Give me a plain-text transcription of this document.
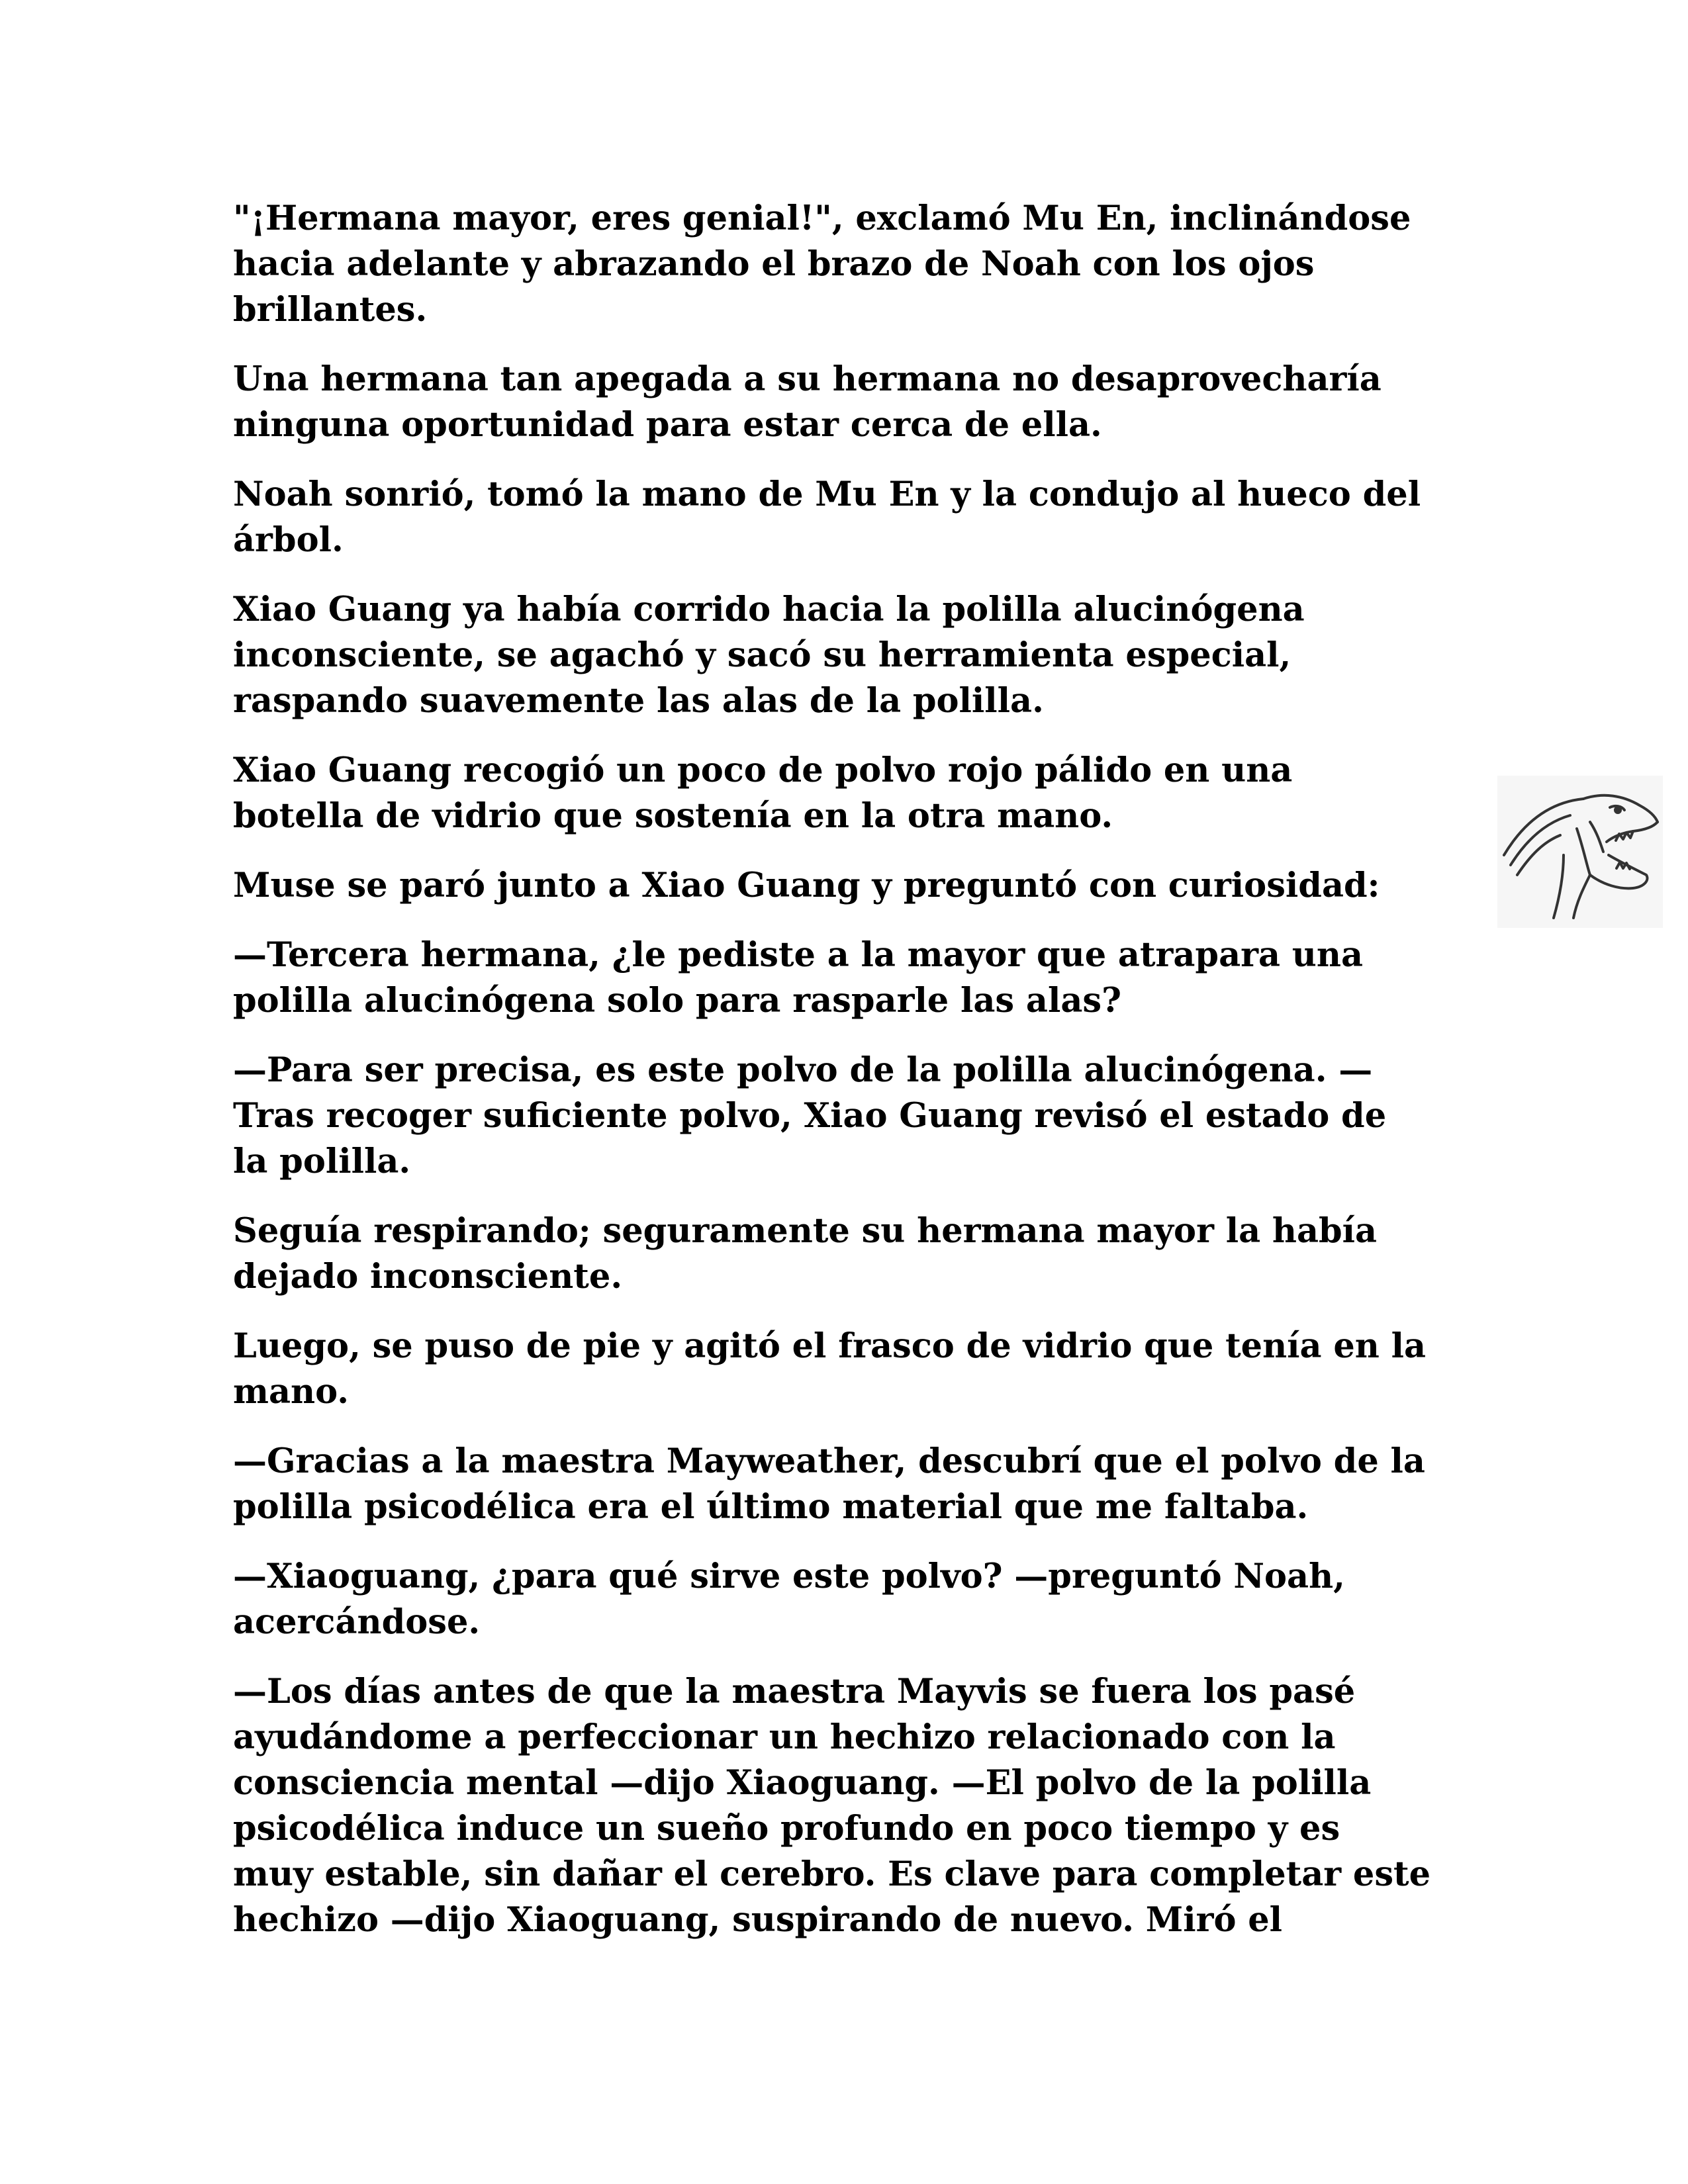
"¡Hermana mayor, eres genial!", exclamó Mu En, inclinándose
hacia adelante y abrazando el brazo de Noah con los ojos
brillantes.

Una hermana tan apegada a su hermana no desaprovecharía
ninguna oportunidad para estar cerca de ella.

Noah sonrió, tomó la mano de Mu En y la condujo al hueco del
árbol.

Xiao Guang ya había corrido hacia la polilla alucinógena
inconsciente, se agachó y sacó su herramienta especial,
raspando suavemente las alas de la polilla.

Xiao Guang recogió un poco de polvo rojo pálido en una
botella de vidrio que sostenía en la otra mano.

Muse se paró junto a Xiao Guang y preguntó con curiosidad:

—Tercera hermana, ¿le pediste a la mayor que atrapara una
polilla alucinógena solo para rasparle las alas?

—Para ser precisa, es este polvo de la polilla alucinógena. —
Tras recoger suficiente polvo, Xiao Guang revisó el estado de
la polilla.

Seguía respirando; seguramente su hermana mayor la había
dejado inconsciente.

Luego, se puso de pie y agitó el frasco de vidrio que tenía en la
mano.

—Gracias a la maestra Mayweather, descubrí que el polvo de la
polilla psicodélica era el último material que me faltaba.

—Xiaoguang, ¿para qué sirve este polvo? —preguntó Noah,
acercándose.

—Los días antes de que la maestra Mayvis se fuera los pasé
ayudándome a perfeccionar un hechizo relacionado con la
consciencia mental —dijo Xiaoguang. —El polvo de la polilla
psicodélica induce un sueño profundo en poco tiempo y es
muy estable, sin dañar el cerebro. Es clave para completar este
hechizo —dijo Xiaoguang, suspirando de nuevo. Miró el
